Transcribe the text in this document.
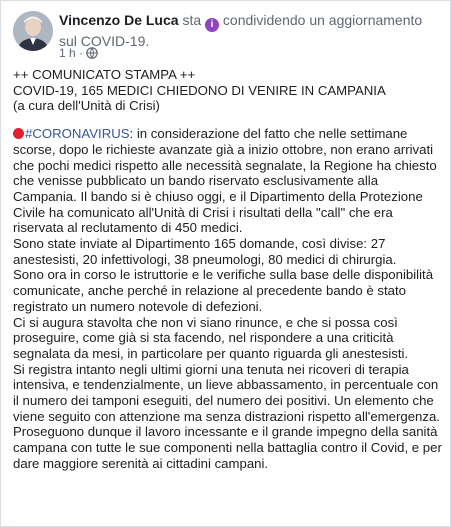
Vincenzo De Luca sta i condividendo un aggiornamento sul COVID-19.
1 h ·

++ COMUNICATO STAMPA ++

COVID-19, 165 MEDICI CHIEDONO DI VENIRE IN CAMPANIA

(a cura dell'Unità di Crisi)

#CORONAVIRUS: in considerazione del fatto che nelle settimane scorse, dopo le richieste avanzate già a inizio ottobre, non erano arrivati che pochi medici rispetto alle necessità segnalate, la Regione ha chiesto che venisse pubblicato un bando riservato esclusivamente alla Campania. Il bando si è chiuso oggi, e il Dipartimento della Protezione Civile ha comunicato all'Unità di Crisi i risultati della "call" che era riservata al reclutamento di 450 medici.

Sono state inviate al Dipartimento 165 domande, così divise: 27 anestesisti, 20 infettivologi, 38 pneumologi, 80 medici di chirurgia.

Sono ora in corso le istruttorie e le verifiche sulla base delle disponibilità comunicate, anche perché in relazione al precedente bando è stato registrato un numero notevole di defezioni.

Ci si augura stavolta che non vi siano rinunce, e che si possa così proseguire, come già si sta facendo, nel rispondere a una criticità segnalata da mesi, in particolare per quanto riguarda gli anestesisti.

Si registra intanto negli ultimi giorni una tenuta nei ricoveri di terapia intensiva, e tendenzialmente, un lieve abbassamento, in percentuale con il numero dei tamponi eseguiti, del numero dei positivi. Un elemento che viene seguito con attenzione ma senza distrazioni rispetto all'emergenza. Proseguono dunque il lavoro incessante e il grande impegno della sanità campana con tutte le sue componenti nella battaglia contro il Covid, e per dare maggiore serenità ai cittadini campani.
